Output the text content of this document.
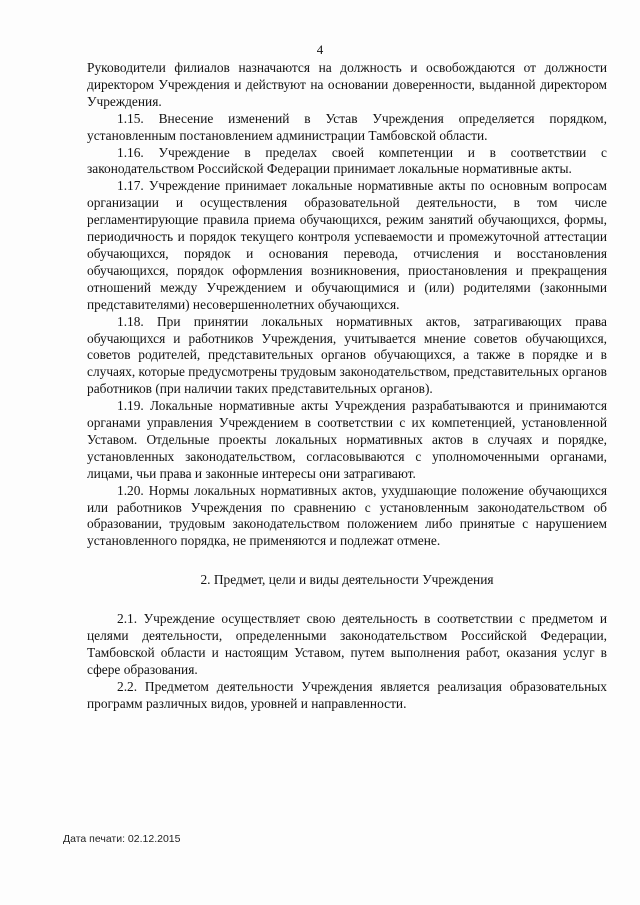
4

Руководители филиалов назначаются на должность и освобождаются от должности директором Учреждения и действуют на основании доверенности, выданной директором Учреждения.

1.15. Внесение изменений в Устав Учреждения определяется порядком, установленным постановлением администрации Тамбовской области.

1.16. Учреждение в пределах своей компетенции и в соответствии с законодательством Российской Федерации принимает локальные нормативные акты.

1.17. Учреждение принимает локальные нормативные акты по основным вопросам организации и осуществления образовательной деятельности, в том числе регламентирующие правила приема обучающихся, режим занятий обучающихся, формы, периодичность и порядок текущего контроля успеваемости и промежуточной аттестации обучающихся, порядок и основания перевода, отчисления и восстановления обучающихся, порядок оформления возникновения, приостановления и прекращения отношений между Учреждением и обучающимися и (или) родителями (законными представителями) несовершеннолетних обучающихся.

1.18. При принятии локальных нормативных актов, затрагивающих права обучающихся и работников Учреждения, учитывается мнение советов обучающихся, советов родителей, представительных органов обучающихся, а также в порядке и в случаях, которые предусмотрены трудовым законодательством, представительных органов работников (при наличии таких представительных органов).

1.19. Локальные нормативные акты Учреждения разрабатываются и принимаются органами управления Учреждением в соответствии с их компетенцией, установленной Уставом. Отдельные проекты локальных нормативных актов в случаях и порядке, установленных законодательством, согласовываются с уполномоченными органами, лицами, чьи права и законные интересы они затрагивают.

1.20. Нормы локальных нормативных актов, ухудшающие положение обучающихся или работников Учреждения по сравнению с установленным законодательством об образовании, трудовым законодательством положением либо принятые с нарушением установленного порядка, не применяются и подлежат отмене.

2. Предмет, цели и виды деятельности Учреждения

2.1. Учреждение осуществляет свою деятельность в соответствии с предметом и целями деятельности, определенными законодательством Российской Федерации, Тамбовской области и настоящим Уставом, путем выполнения работ, оказания услуг в сфере образования.

2.2. Предметом деятельности Учреждения является реализация образовательных программ различных видов, уровней и направленности.

Дата печати: 02.12.2015
